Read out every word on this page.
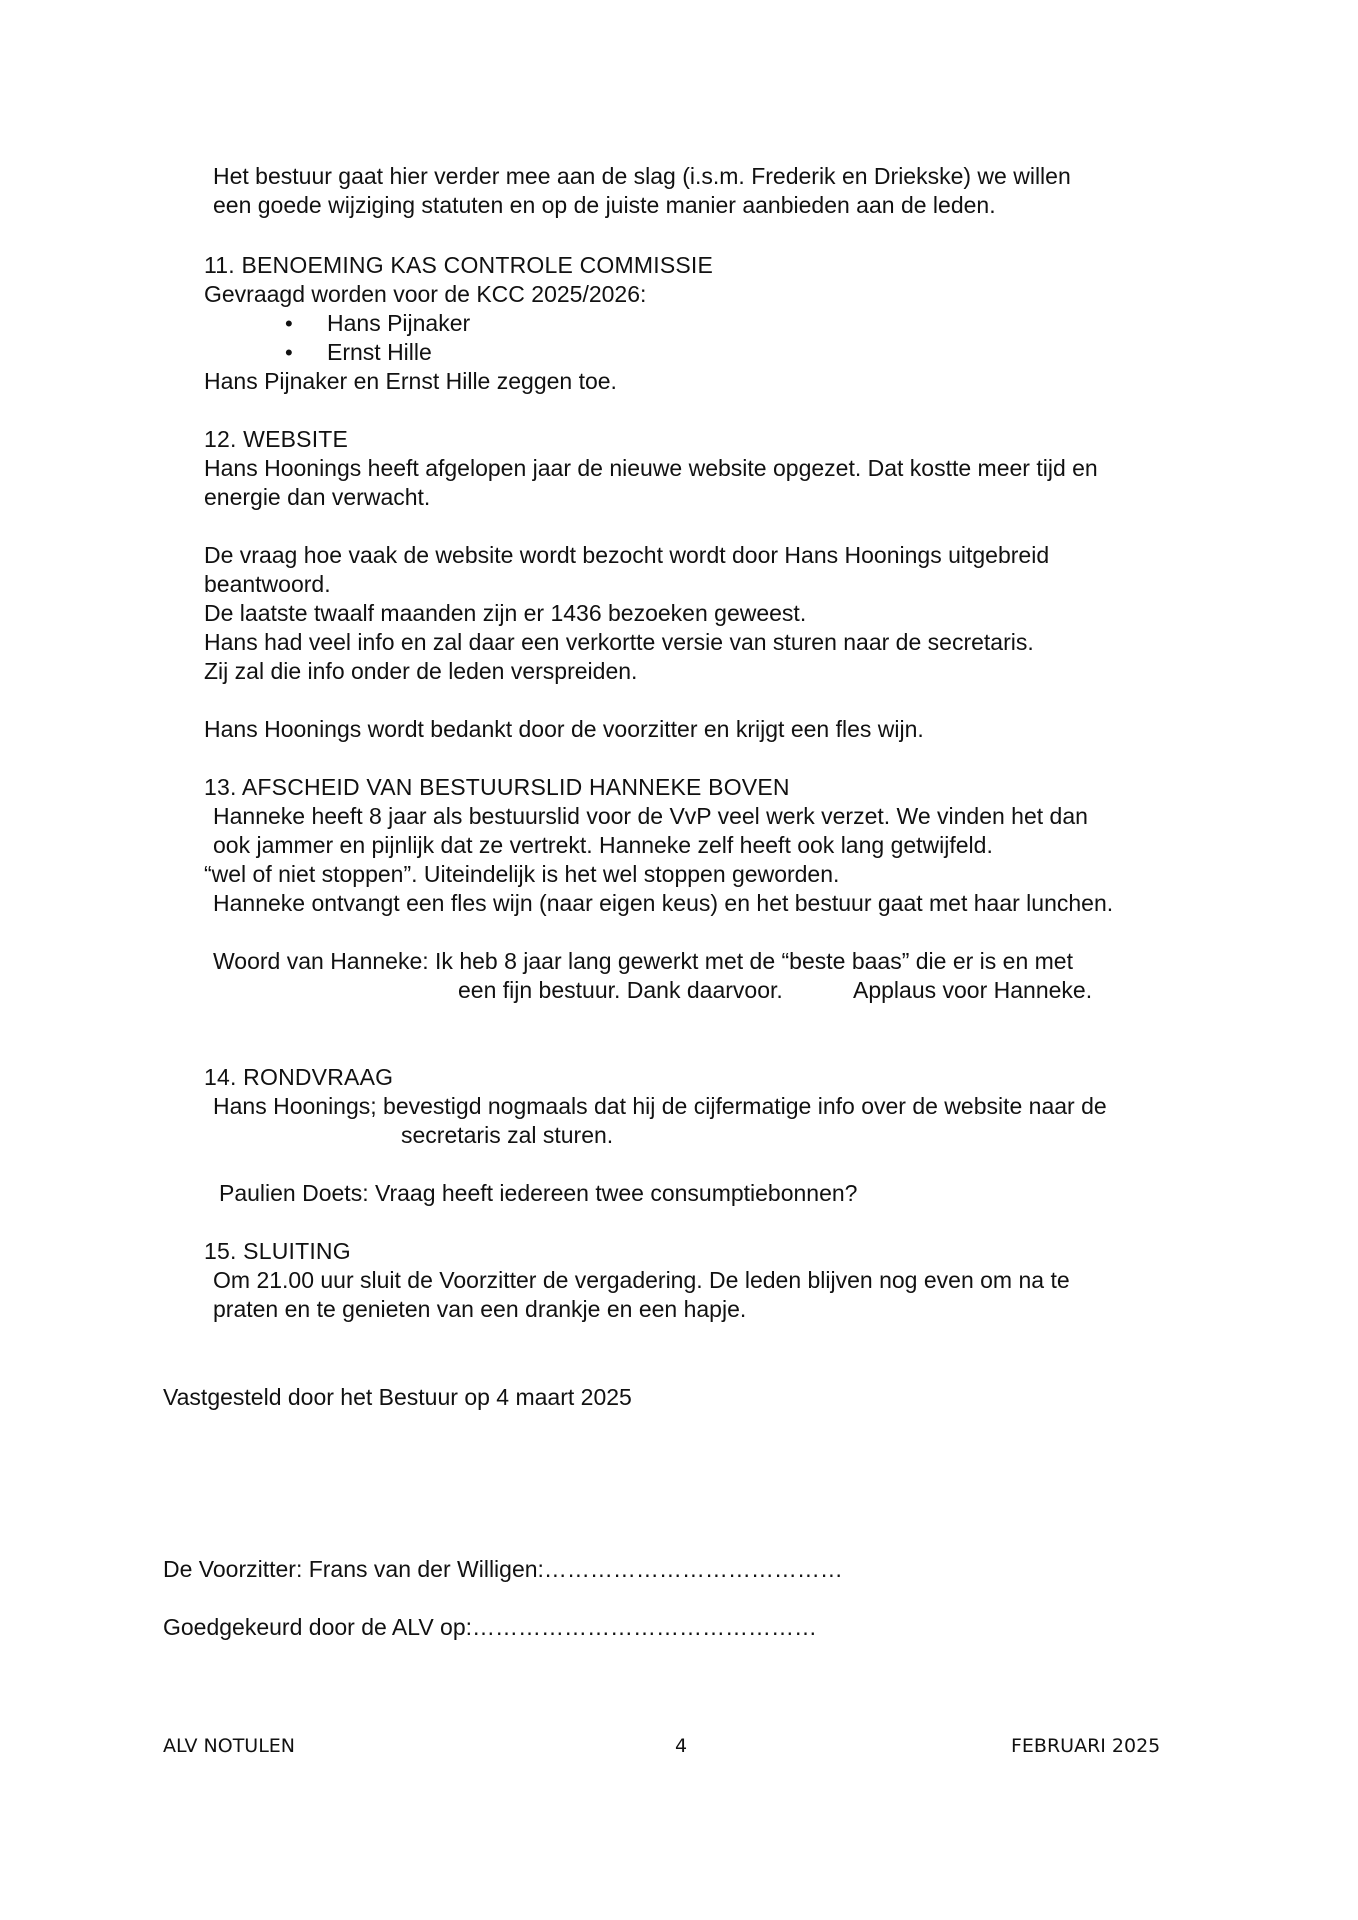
Het bestuur gaat hier verder mee aan de slag (i.s.m. Frederik en Driekske) we willen

een goede wijziging statuten en op de juiste manier aanbieden aan de leden.

11. BENOEMING KAS CONTROLE COMMISSIE

Gevraagd worden voor de KCC 2025/2026:

• Hans Pijnaker

• Ernst Hille

Hans Pijnaker en Ernst Hille zeggen toe.

12. WEBSITE

Hans Hoonings heeft afgelopen jaar de nieuwe website opgezet. Dat kostte meer tijd en

energie dan verwacht.

De vraag hoe vaak de website wordt bezocht wordt door Hans Hoonings uitgebreid

beantwoord.

De laatste twaalf maanden zijn er 1436 bezoeken geweest.

Hans had veel info en zal daar een verkortte versie van sturen naar de secretaris.

Zij zal die info onder de leden verspreiden.

Hans Hoonings wordt bedankt door de voorzitter en krijgt een fles wijn.

13. AFSCHEID VAN BESTUURSLID HANNEKE BOVEN

Hanneke heeft 8 jaar als bestuurslid voor de VvP veel werk verzet. We vinden het dan

ook jammer en pijnlijk dat ze vertrekt. Hanneke zelf heeft ook lang getwijfeld.

“wel of niet stoppen”. Uiteindelijk is het wel stoppen geworden.

Hanneke ontvangt een fles wijn (naar eigen keus) en het bestuur gaat met haar lunchen.

Woord van Hanneke: Ik heb 8 jaar lang gewerkt met de “beste baas” die er is en met

een fijn bestuur. Dank daarvoor.	Applaus voor Hanneke.

14. RONDVRAAG

Hans Hoonings; bevestigd nogmaals dat hij de cijfermatige info over de website naar de

secretaris zal sturen.

Paulien Doets: Vraag heeft iedereen twee consumptiebonnen?

15. SLUITING

Om 21.00 uur sluit de Voorzitter de vergadering. De leden blijven nog even om na te

praten en te genieten van een drankje en een hapje.

Vastgesteld door het Bestuur op 4 maart 2025

De Voorzitter: Frans van der Willigen:…………………………………

Goedgekeurd door de ALV op:………………………………………

ALV NOTULEN	4	FEBRUARI 2025
